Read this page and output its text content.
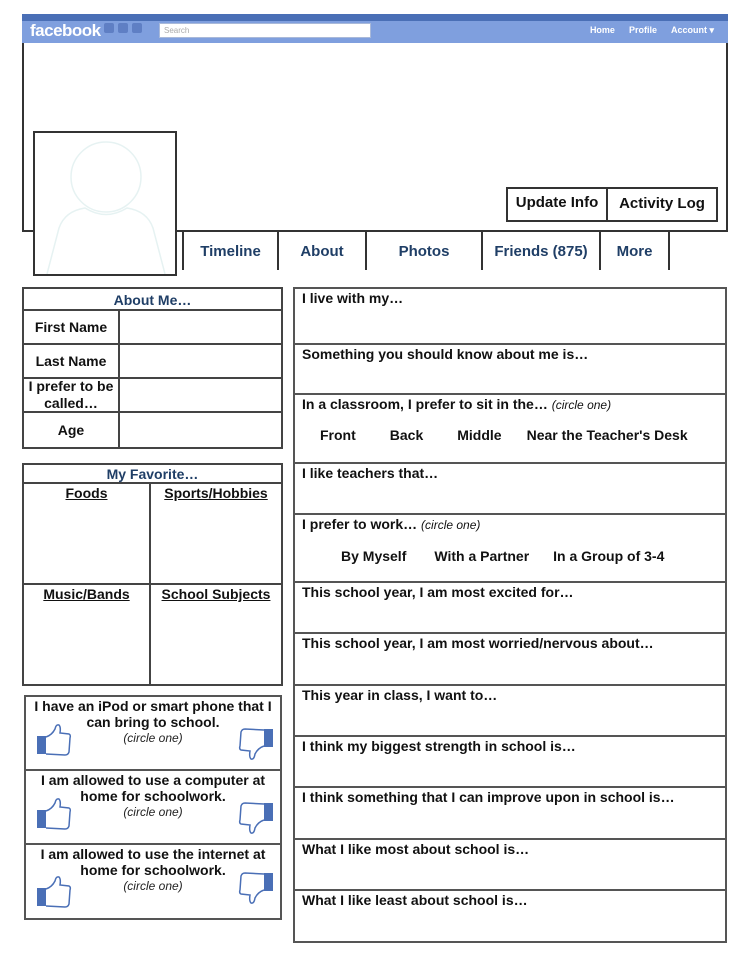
facebook	Search	Home Profile Account ▾
Update Info	Activity Log
Timeline	About	Photos	Friends (875)	More
About Me…
First Name
Last Name
I prefer to be called…
Age
My Favorite…
Foods	Sports/Hobbies
Music/Bands	School Subjects
I have an iPod or smart phone that I can bring to school.
(circle one)
I am allowed to use a computer at home for schoolwork.
(circle one)
I am allowed to use the internet at home for schoolwork.
(circle one)
I live with my…
Something you should know about me is…
In a classroom, I prefer to sit in the… (circle one)
Front Back Middle Near the Teacher's Desk
I like teachers that…
I prefer to work… (circle one)
By Myself With a Partner In a Group of 3-4
This school year, I am most excited for…
This school year, I am most worried/nervous about…
This year in class, I want to…
I think my biggest strength in school is…
I think something that I can improve upon in school is…
What I like most about school is…
What I like least about school is…
